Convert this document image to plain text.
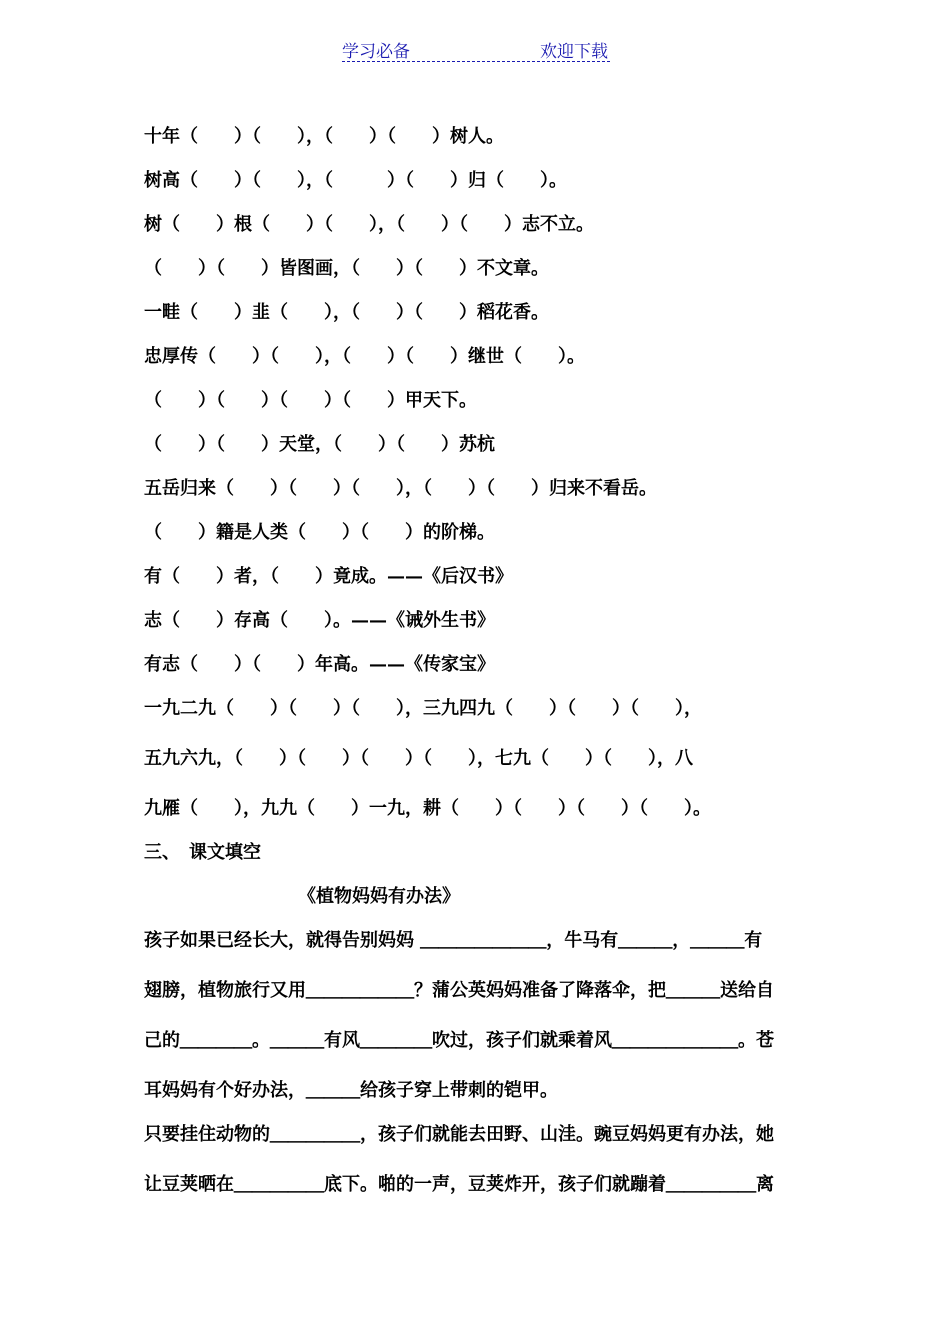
学习必备	欢迎下载
十年（　　）（　　），（　　）（　　）树人。
树高（　　）（　　），（　　　）（　　）归（　　）。
树（　　）根（　　）（　　），（　　）（　　）志不立。
（　　）（　　）皆图画，（　　）（　　）不文章。
一畦（　　）韭（　　），（　　）（　　）稻花香。
忠厚传（　　）（　　），（　　）（　　）继世（　　）。
（　　）（　　）（　　）（　　）甲天下。
（　　）（　　）天堂，（　　）（　　）苏杭
五岳归来（　　）（　　）（　　），（　　）（　　）归来不看岳。
（　　）籍是人类（　　）（　　）的阶梯。
有（　　）者，（　　）竟成。——《后汉书》
志（　　）存高（　　）。——《诫外生书》
有志（　　）（　　）年高。——《传家宝》
一九二九（　　）（　　）（　　），三九四九（　　）（　　）（　　），
五九六九，（　　）（　　）（　　）（　　），七九（　　）（　　），八
九雁（　　），九九（　　）一九，耕（　　）（　　）（　　）（　　）。
三、　课文填空
《植物妈妈有办法》
孩子如果已经长大，就得告别妈妈 ＿＿＿＿＿＿＿，牛马有＿＿＿，＿＿＿有
翅膀，植物旅行又用＿＿＿＿＿＿？蒲公英妈妈准备了降落伞，把＿＿＿送给自
己的＿＿＿＿。＿＿＿有风＿＿＿＿吹过，孩子们就乘着风＿＿＿＿＿＿＿。苍
耳妈妈有个好办法，＿＿＿给孩子穿上带刺的铠甲。
只要挂住动物的＿＿＿＿＿，孩子们就能去田野、山洼。豌豆妈妈更有办法，她
让豆荚晒在＿＿＿＿＿底下。啪的一声，豆荚炸开，孩子们就蹦着＿＿＿＿＿离
